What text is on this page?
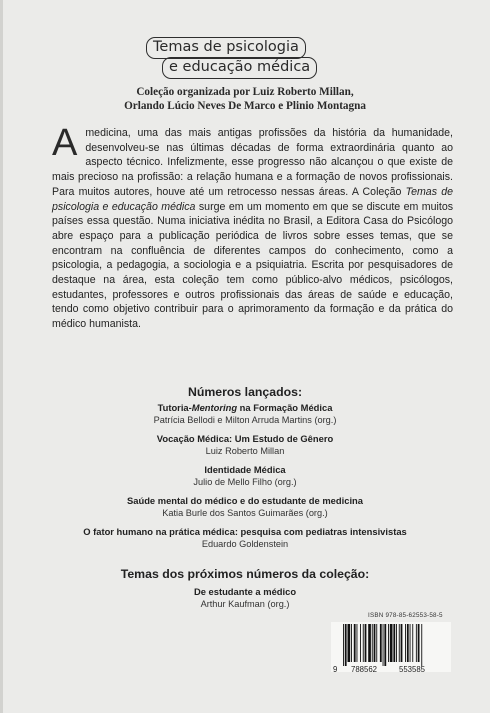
Temas de psicologia
e educação médica
Coleção organizada por Luiz Roberto Millan,
Orlando Lúcio Neves De Marco e Plinio Montagna
A medicina, uma das mais antigas profissões da história da humanidade, desenvolveu-se nas últimas décadas de forma extraordinária quanto ao aspecto técnico. Infelizmente, esse progresso não alcançou o que existe de mais precioso na profissão: a relação humana e a formação de novos profissionais. Para muitos autores, houve até um retrocesso nessas áreas. A Coleção Temas de psicologia e educação médica surge em um momento em que se discute em muitos países essa questão. Numa iniciativa inédita no Brasil, a Editora Casa do Psicólogo abre espaço para a publicação periódica de livros sobre esses temas, que se encontram na confluência de diferentes campos do conhecimento, como a psicologia, a pedagogia, a sociologia e a psiquiatria. Escrita por pesquisadores de destaque na área, esta coleção tem como público-alvo médicos, psicólogos, estudantes, professores e outros profissionais das áreas de saúde e educação, tendo como objetivo contribuir para o aprimoramento da formação e da prática do médico humanista.

Números lançados:
Tutoria-Mentoring na Formação Médica
Patrícia Bellodi e Milton Arruda Martins (org.)
Vocação Médica: Um Estudo de Gênero
Luiz Roberto Millan
Identidade Médica
Julio de Mello Filho (org.)
Saúde mental do médico e do estudante de medicina
Katia Burle dos Santos Guimarães (org.)
O fator humano na prática médica: pesquisa com pediatras intensivistas
Eduardo Goldenstein
Temas dos próximos números da coleção:
De estudante a médico
Arthur Kaufman (org.)
ISBN 978-85-62553-58-5
9 788562	553585
